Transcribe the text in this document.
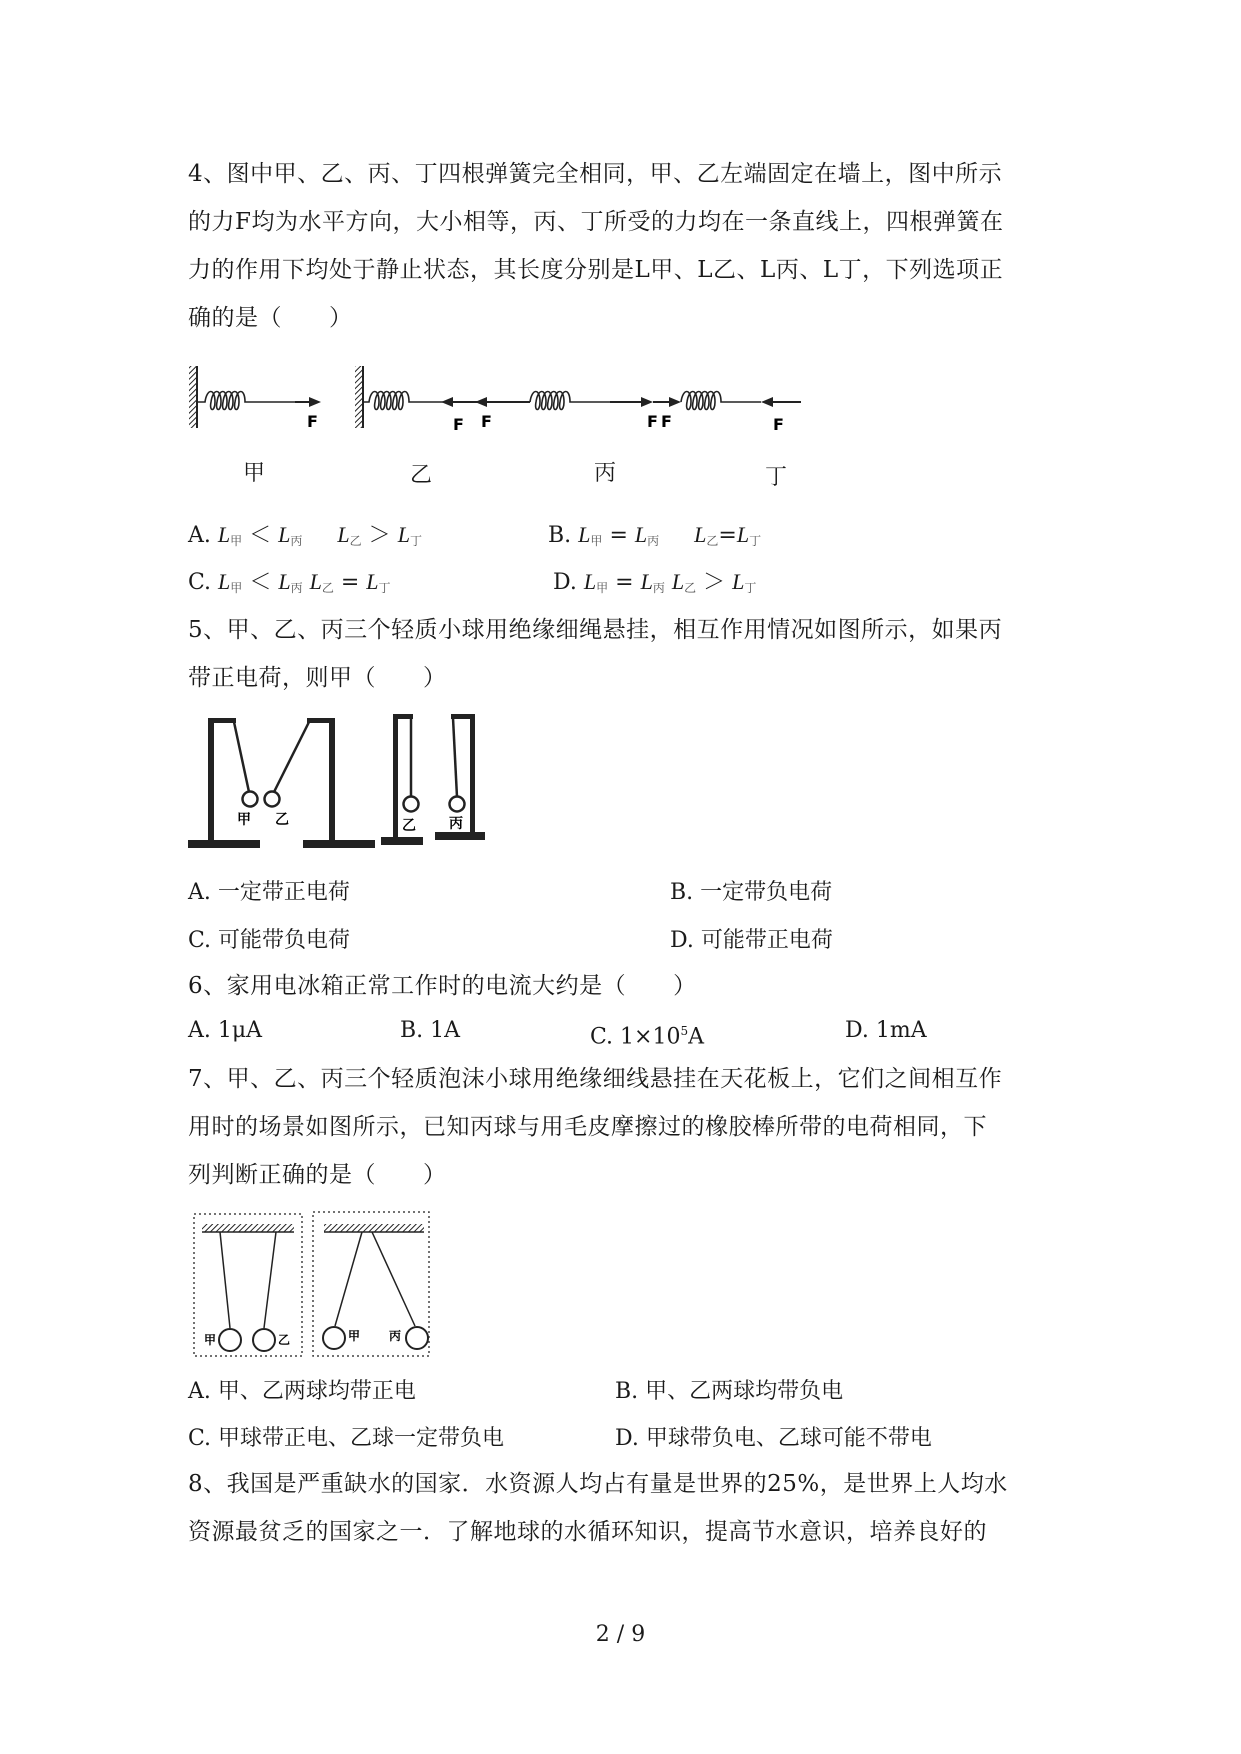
4、图中甲、乙、丙、丁四根弹簧完全相同，甲、乙左端固定在墙上，图中所示
的力F均为水平方向，大小相等，丙、丁所受的力均在一条直线上，四根弹簧在
力的作用下均处于静止状态，其长度分别是L甲、L乙、L丙、L丁，下列选项正
确的是（　　）
F	F F	F F	F
甲	乙	丙	丁
A. $L_甲 < L_丙$ $L_乙 > L_丁$	B. $L_甲 = L_丙$ $L_乙=L_丁$
C. $L_甲 < L_丙$ $L_乙 = L_丁$	D. $L_甲 = L_丙$ $L_乙 > L_丁$
5、甲、乙、丙三个轻质小球用绝缘细绳悬挂，相互作用情况如图所示，如果丙
带正电荷，则甲（　　）
甲 乙	乙 丙
A. 一定带正电荷	B. 一定带负电荷
C. 可能带负电荷	D. 可能带正电荷
6、家用电冰箱正常工作时的电流大约是（　　）
A. 1μA	B. 1A	C. $1\times 10^5A$	D. 1mA
7、甲、乙、丙三个轻质泡沫小球用绝缘细线悬挂在天花板上，它们之间相互作
用时的场景如图所示，已知丙球与用毛皮摩擦过的橡胶棒所带的电荷相同，下
列判断正确的是（　　）
甲	乙	甲 丙
A. 甲、乙两球均带正电	B. 甲、乙两球均带负电
C. 甲球带正电、乙球一定带负电	D. 甲球带负电、乙球可能不带电
8、我国是严重缺水的国家．水资源人均占有量是世界的25%，是世界上人均水
资源最贫乏的国家之一．了解地球的水循环知识，提高节水意识，培养良好的
2 / 9
